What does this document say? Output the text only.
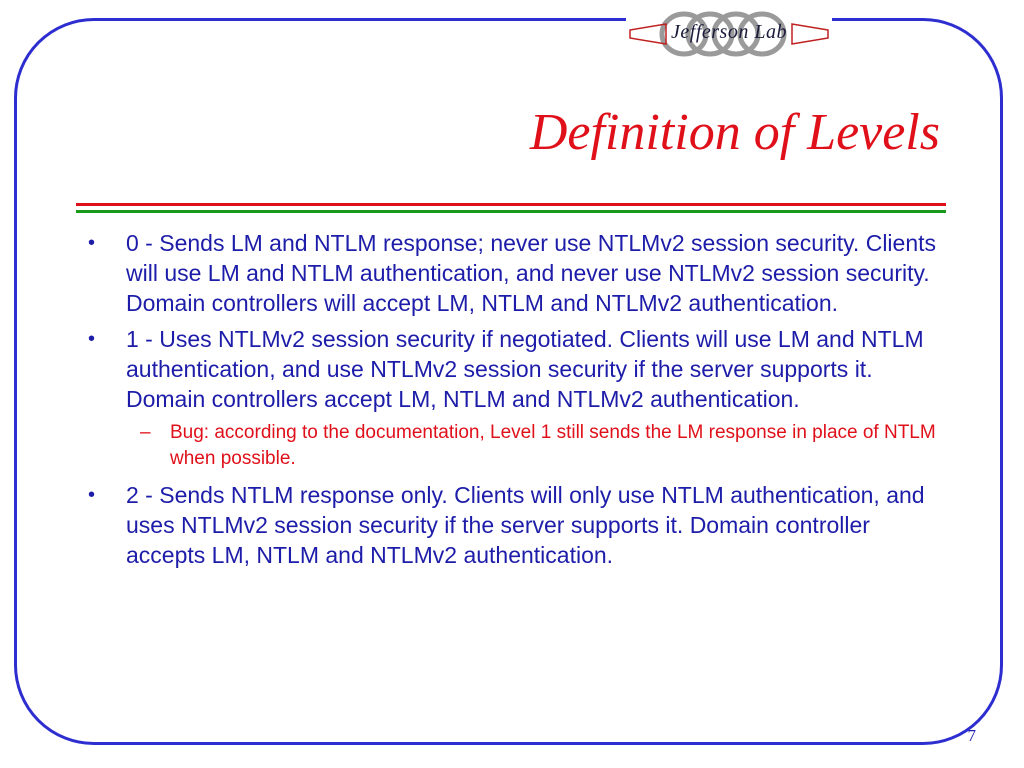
Jefferson Lab
Definition of Levels
•	0 - Sends LM and NTLM response; never use NTLMv2 session security. Clients will use LM and NTLM authentication, and never use NTLMv2 session security. Domain controllers will accept LM, NTLM and NTLMv2 authentication.
•	1 - Uses NTLMv2 session security if negotiated. Clients will use LM and NTLM authentication, and use NTLMv2 session security if the server supports it. Domain controllers accept LM, NTLM and NTLMv2 authentication.
–	Bug: according to the documentation, Level 1 still sends the LM response in place of NTLM when possible.
•	2 - Sends NTLM response only. Clients will only use NTLM authentication, and uses NTLMv2 session security if the server supports it. Domain controller accepts LM, NTLM and NTLMv2 authentication.
7
